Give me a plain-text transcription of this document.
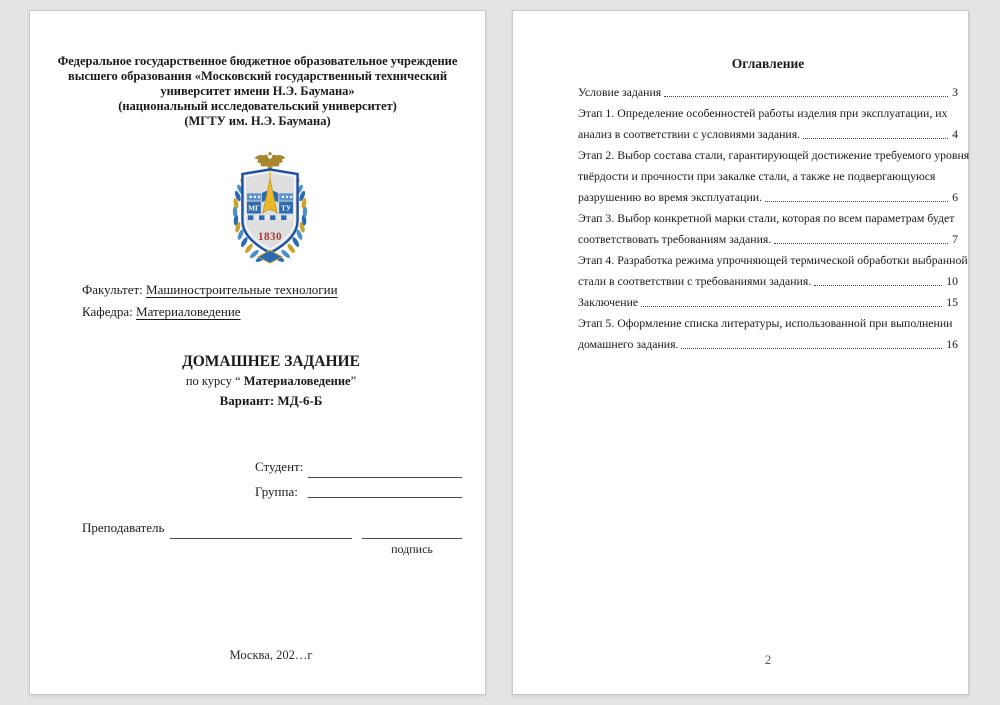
Федеральное государственное бюджетное образовательное учреждение
высшего образования «Московский государственный технический
университет имени Н.Э. Баумана»
(национальный исследовательский университет)
(МГТУ им. Н.Э. Баумана)
МГ	ТУ
1830
Факультет: Машиностроительные технологии
Кафедра: Материаловедение
ДОМАШНЕЕ ЗАДАНИЕ
по курсу “ Материаловедение”
Вариант: МД-6-Б
Студент:
Группа:
Преподаватель
подпись
Москва, 202…г
Оглавление
Условие задания	3
Этап 1. Определение особенностей работы изделия при эксплуатации, их
анализ в соответствии с условиями задания.	4
Этап 2. Выбор состава стали, гарантирующей достижение требуемого уровня
твёрдости и прочности при закалке стали, а также не подвергающуюся
разрушению во время эксплуатации.	6
Этап 3. Выбор конкретной марки стали, которая по всем параметрам будет
соответствовать требованиям задания.	7
Этап 4. Разработка режима упрочняющей термической обработки выбранной
стали в соответствии с требованиями задания.	10
Заключение	15
Этап 5. Оформление списка литературы, использованной при выполнении
домашнего задания.	16
2
